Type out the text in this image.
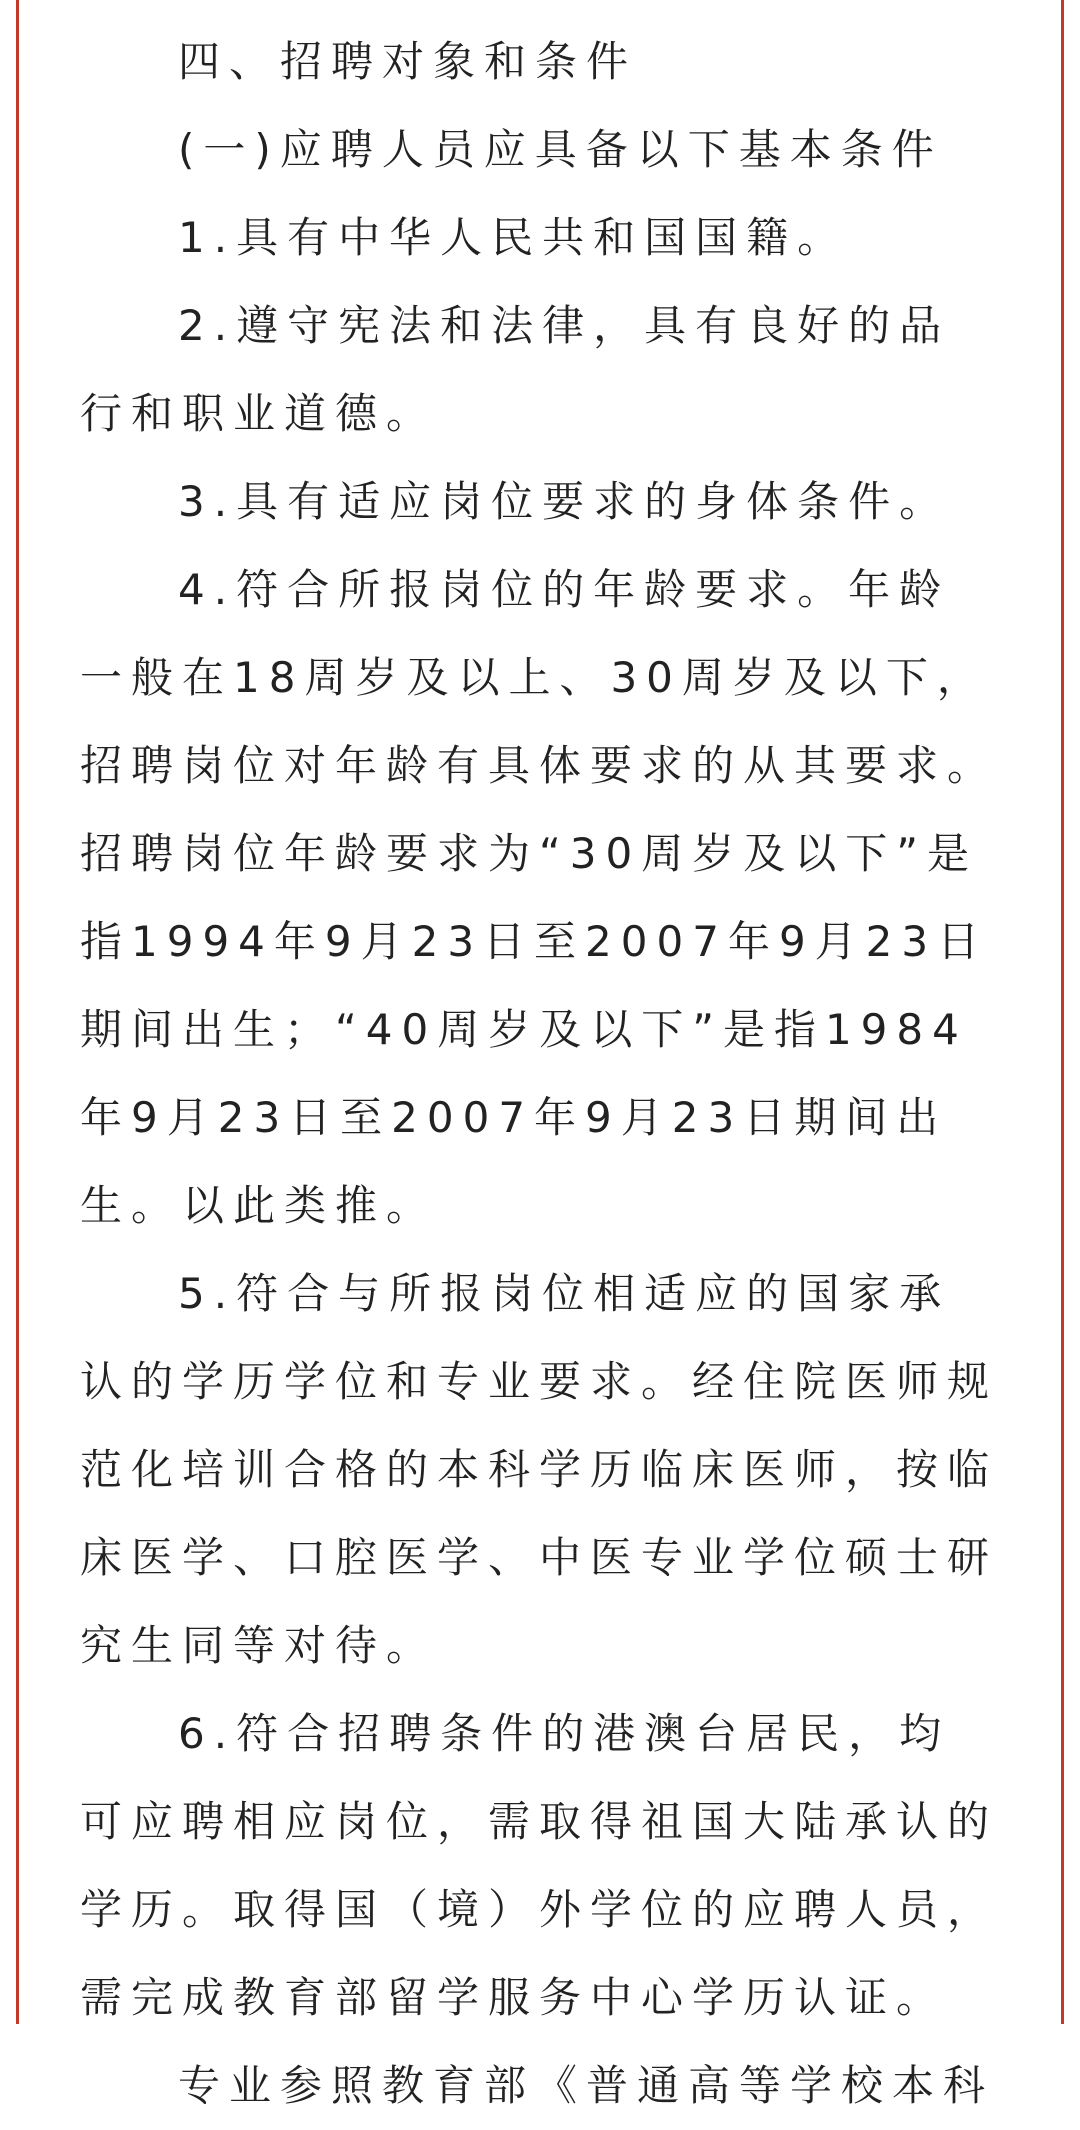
四、招聘对象和条件

(一)应聘人员应具备以下基本条件

1.具有中华人民共和国国籍。

2.遵守宪法和法律，具有良好的品行和职业道德。

3.具有适应岗位要求的身体条件。

4.符合所报岗位的年龄要求。年龄一般在18周岁及以上、30周岁及以下，招聘岗位对年龄有具体要求的从其要求。招聘岗位年龄要求为“30周岁及以下”是指1994年9月23日至2007年9月23日期间出生；“40周岁及以下”是指1984年9月23日至2007年9月23日期间出生。以此类推。

5.符合与所报岗位相适应的国家承认的学历学位和专业要求。经住院医师规范化培训合格的本科学历临床医师，按临床医学、口腔医学、中医专业学位硕士研究生同等对待。

6.符合招聘条件的港澳台居民，均可应聘相应岗位，需取得祖国大陆承认的学历。取得国（境）外学位的应聘人员，需完成教育部留学服务中心学历认证。

专业参照教育部《普通高等学校本科
